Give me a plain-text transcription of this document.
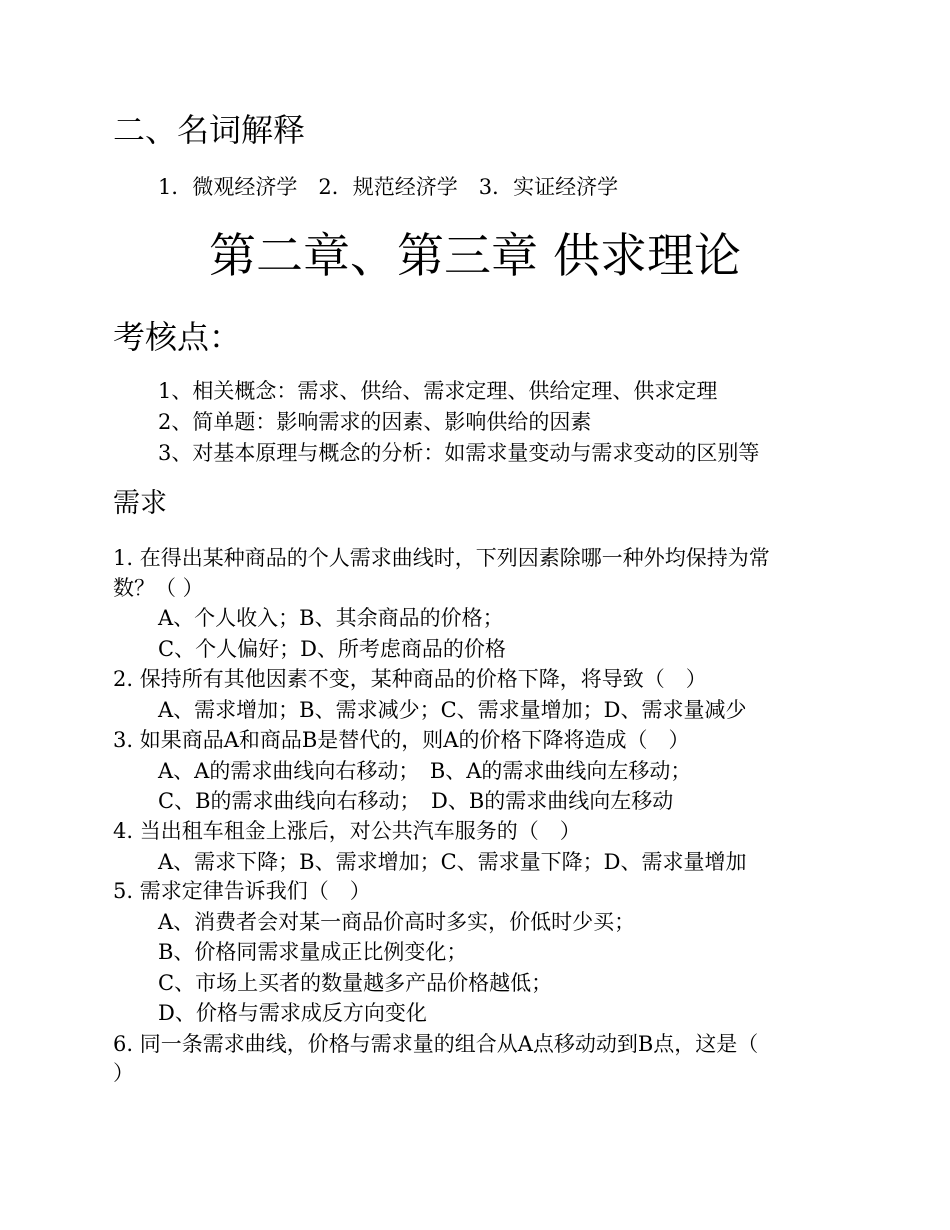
二、名词解释
1．微观经济学　2．规范经济学　3．实证经济学
第二章、第三章 供求理论
考核点：
1、相关概念：需求、供给、需求定理、供给定理、供求定理
2、简单题：影响需求的因素、影响供给的因素
3、对基本原理与概念的分析：如需求量变动与需求变动的区别等
需求
1. 在得出某种商品的个人需求曲线时，下列因素除哪一种外均保持为常
数？（ ）
A、个人收入；B、其余商品的价格；
C、个人偏好；D、所考虑商品的价格
2. 保持所有其他因素不变，某种商品的价格下降，将导致（　）
A、需求增加；B、需求减少；C、需求量增加；D、需求量减少
3. 如果商品A和商品B是替代的，则A的价格下降将造成（　）
A、A的需求曲线向右移动；　B、A的需求曲线向左移动；
C、B的需求曲线向右移动；　D、B的需求曲线向左移动
4. 当出租车租金上涨后，对公共汽车服务的（　）
A、需求下降；B、需求增加；C、需求量下降；D、需求量增加
5. 需求定律告诉我们（　）
A、消费者会对某一商品价高时多实，价低时少买；
B、价格同需求量成正比例变化；
C、市场上买者的数量越多产品价格越低；
D、价格与需求成反方向变化
6. 同一条需求曲线，价格与需求量的组合从A点移动动到B点，这是（
）
